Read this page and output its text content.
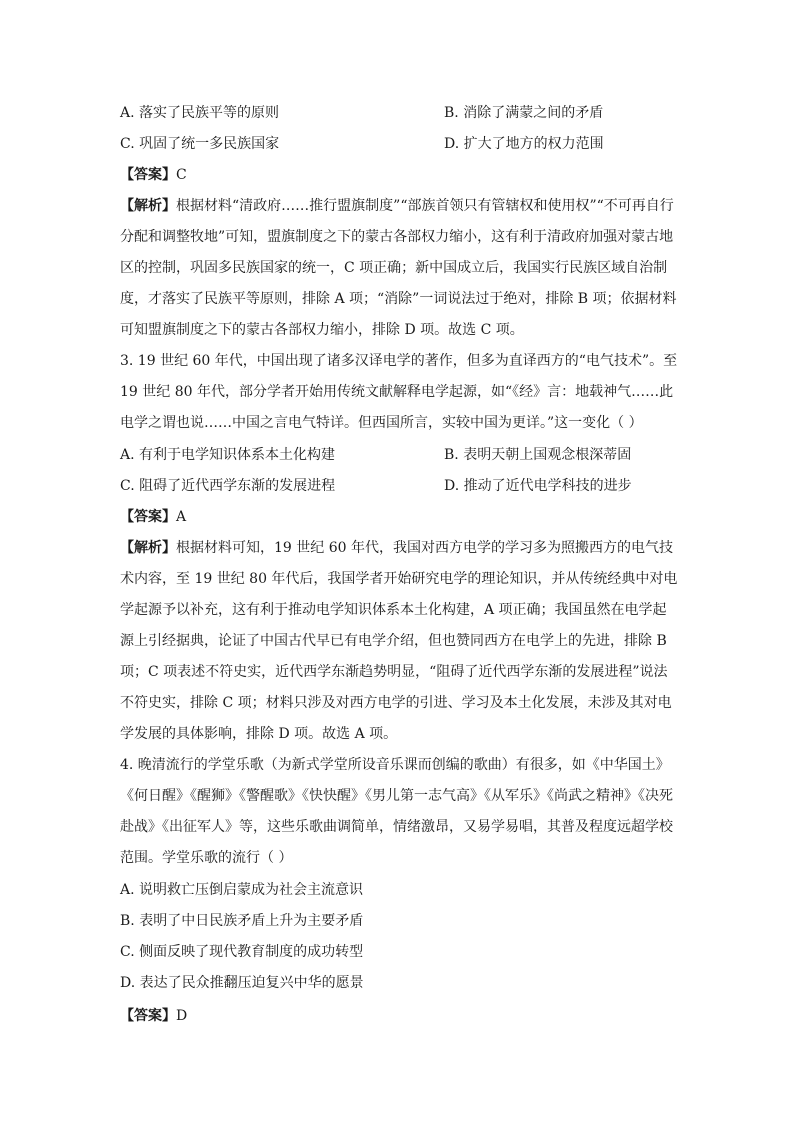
A. 落实了民族平等的原则	B. 消除了满蒙之间的矛盾
C. 巩固了统一多民族国家	D. 扩大了地方的权力范围
【答案】C
【解析】根据材料“清政府……推行盟旗制度”“部族首领只有管辖权和使用权”“不可再自行
分配和调整牧地”可知，盟旗制度之下的蒙古各部权力缩小，这有利于清政府加强对蒙古地
区的控制，巩固多民族国家的统一，C 项正确；新中国成立后，我国实行民族区域自治制
度，才落实了民族平等原则，排除 A 项；“消除”一词说法过于绝对，排除 B 项；依据材料
可知盟旗制度之下的蒙古各部权力缩小，排除 D 项。故选 C 项。
3. 19 世纪 60 年代，中国出现了诸多汉译电学的著作，但多为直译西方的“电气技术”。至
19 世纪 80 年代，部分学者开始用传统文献解释电学起源，如“《经》言：地载神气……此
电学之谓也说……中国之言电气特详。但西国所言，实较中国为更详。”这一变化（ ）
A. 有利于电学知识体系本土化构建	B. 表明天朝上国观念根深蒂固
C. 阻碍了近代西学东渐的发展进程	D. 推动了近代电学科技的进步
【答案】A
【解析】根据材料可知，19 世纪 60 年代，我国对西方电学的学习多为照搬西方的电气技
术内容，至 19 世纪 80 年代后，我国学者开始研究电学的理论知识，并从传统经典中对电
学起源予以补充，这有利于推动电学知识体系本土化构建，A 项正确；我国虽然在电学起
源上引经据典，论证了中国古代早已有电学介绍，但也赞同西方在电学上的先进，排除 B
项；C 项表述不符史实，近代西学东渐趋势明显，“阻碍了近代西学东渐的发展进程”说法
不符史实，排除 C 项；材料只涉及对西方电学的引进、学习及本土化发展，未涉及其对电
学发展的具体影响，排除 D 项。故选 A 项。
4. 晚清流行的学堂乐歌（为新式学堂所设音乐课而创编的歌曲）有很多，如《中华国土》
《何日醒》《醒狮》《警醒歌》《快快醒》《男儿第一志气高》《从军乐》《尚武之精神》《决死
赴战》《出征军人》等，这些乐歌曲调简单，情绪激昂，又易学易唱，其普及程度远超学校
范围。学堂乐歌的流行（ ）
A. 说明救亡压倒启蒙成为社会主流意识
B. 表明了中日民族矛盾上升为主要矛盾
C. 侧面反映了现代教育制度的成功转型
D. 表达了民众推翻压迫复兴中华的愿景
【答案】D
